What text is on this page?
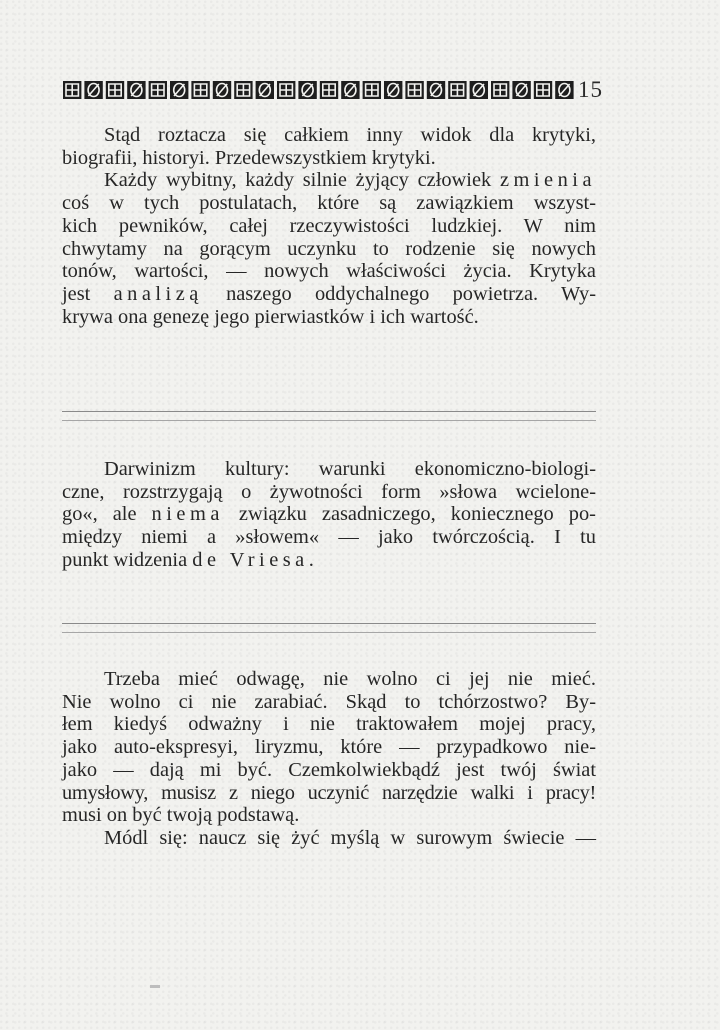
15

Stąd roztacza się całkiem inny widok dla krytyki,
biografii, historyi. Przedewszystkiem krytyki.

Każdy wybitny, każdy silnie żyjący człowiek zmienia
coś w tych postulatach, które są zawiązkiem wszyst-
kich pewników, całej rzeczywistości ludzkiej. W nim
chwytamy na gorącym uczynku to rodzenie się nowych
tonów, wartości, — nowych właściwości życia. Krytyka
jest analizą naszego oddychalnego powietrza. Wy-
krywa ona genezę jego pierwiastków i ich wartość.

Darwinizm kultury: warunki ekonomiczno-biologi-
czne, rozstrzygają o żywotności form »słowa wcielone-
go«, ale niema związku zasadniczego, koniecznego po-
między niemi a »słowem« — jako twórczością. I tu
punkt widzenia de Vriesa.

Trzeba mieć odwagę, nie wolno ci jej nie mieć.
Nie wolno ci nie zarabiać. Skąd to tchórzostwo? By-
łem kiedyś odważny i nie traktowałem mojej pracy,
jako auto-ekspresyi, liryzmu, które — przypadkowo nie-
jako — dają mi być. Czemkolwiekbądź jest twój świat
umysłowy, musisz z niego uczynić narzędzie walki i pracy!
musi on być twoją podstawą.

Módl się: naucz się żyć myślą w surowym świecie —
